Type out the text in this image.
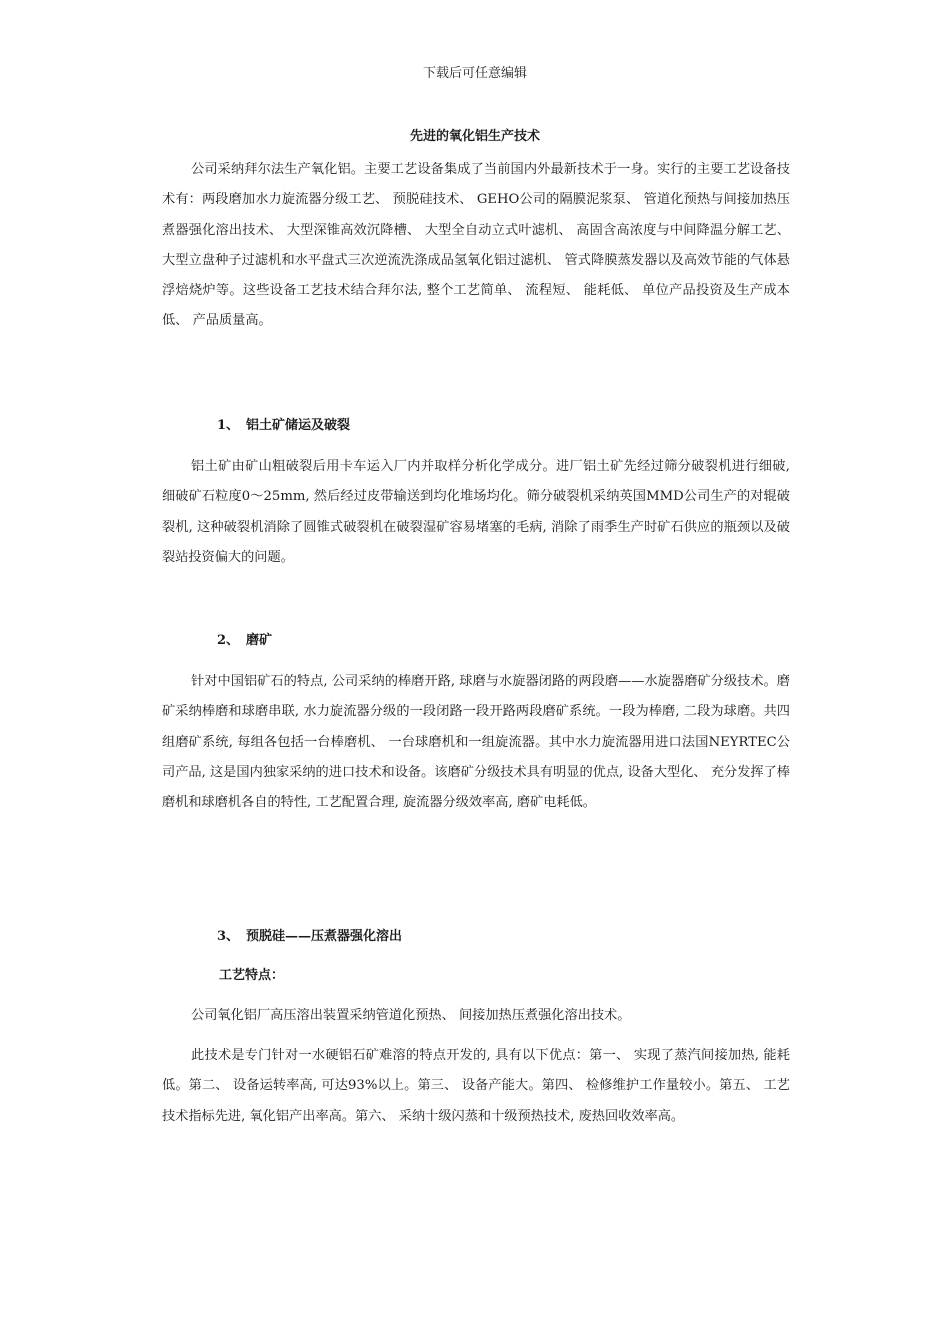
下载后可任意编辑
先进的氧化铝生产技术

公司采纳拜尔法生产氧化铝。主要工艺设备集成了当前国内外最新技术于一身。实行的主要工艺设备技术有：两段磨加水力旋流器分级工艺、 预脱硅技术、 GEHO公司的隔膜泥浆泵、 管道化预热与间接加热压煮器强化溶出技术、 大型深锥高效沉降槽、 大型全自动立式叶滤机、 高固含高浓度与中间降温分解工艺、 大型立盘种子过滤机和水平盘式三次逆流洗涤成品氢氧化铝过滤机、 管式降膜蒸发器以及高效节能的气体悬浮焙烧炉等。这些设备工艺技术结合拜尔法, 整个工艺简单、 流程短、 能耗低、 单位产品投资及生产成本低、 产品质量高。

1、 铝土矿储运及破裂

铝土矿由矿山粗破裂后用卡车运入厂内并取样分析化学成分。进厂铝土矿先经过筛分破裂机进行细破, 细破矿石粒度0～25mm, 然后经过皮带输送到均化堆场均化。筛分破裂机采纳英国MMD公司生产的对辊破裂机, 这种破裂机消除了圆锥式破裂机在破裂湿矿容易堵塞的毛病, 消除了雨季生产时矿石供应的瓶颈以及破裂站投资偏大的问题。

2、 磨矿

针对中国铝矿石的特点, 公司采纳的棒磨开路, 球磨与水旋器闭路的两段磨——水旋器磨矿分级技术。磨矿采纳棒磨和球磨串联, 水力旋流器分级的一段闭路一段开路两段磨矿系统。一段为棒磨, 二段为球磨。共四组磨矿系统, 每组各包括一台棒磨机、 一台球磨机和一组旋流器。其中水力旋流器用进口法国NEYRTEC公司产品, 这是国内独家采纳的进口技术和设备。该磨矿分级技术具有明显的优点, 设备大型化、 充分发挥了棒磨机和球磨机各自的特性, 工艺配置合理, 旋流器分级效率高, 磨矿电耗低。

3、 预脱硅——压煮器强化溶出
工艺特点：

公司氧化铝厂高压溶出装置采纳管道化预热、 间接加热压煮强化溶出技术。

此技术是专门针对一水硬铝石矿难溶的特点开发的, 具有以下优点：第一、 实现了蒸汽间接加热, 能耗低。第二、 设备运转率高, 可达93%以上。第三、 设备产能大。第四、 检修维护工作量较小。第五、 工艺技术指标先进, 氧化铝产出率高。第六、 采纳十级闪蒸和十级预热技术, 废热回收效率高。
